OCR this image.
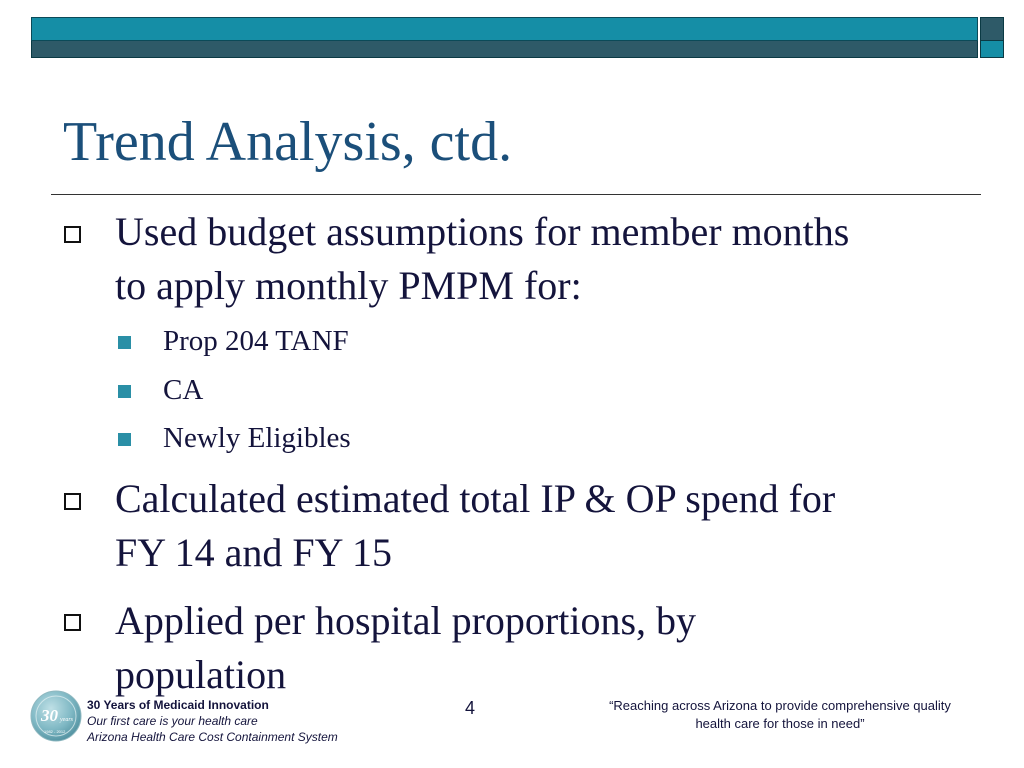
Trend Analysis, ctd.
Used budget assumptions for member months
to apply monthly PMPM for:
Prop 204 TANF
CA
Newly Eligibles
Calculated estimated total IP & OP spend for
FY 14 and FY 15
Applied per hospital proportions, by
population
30 years
1982 - 2012
30 Years of Medicaid Innovation
Our first care is your health care
Arizona Health Care Cost Containment System
4	“Reaching across Arizona to provide comprehensive quality
health care for those in need”
